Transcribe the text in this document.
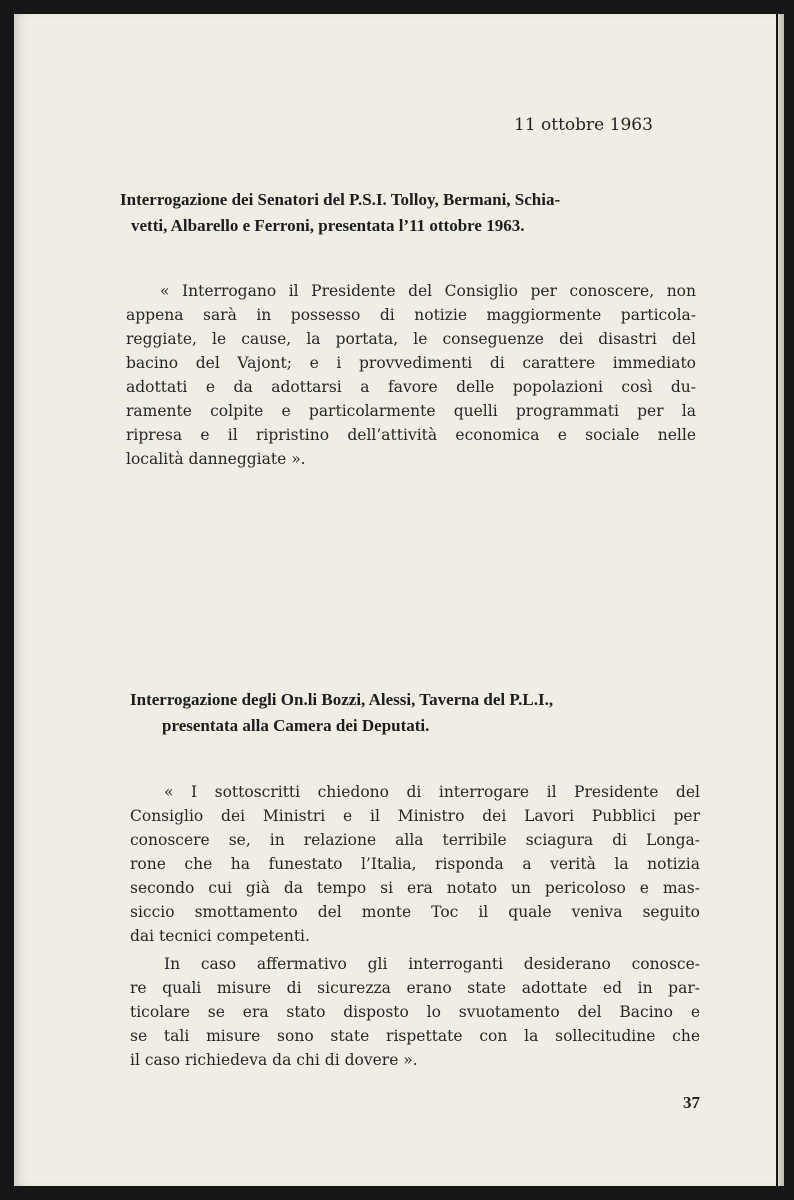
11 ottobre 1963

Interrogazione dei Senatori del P.S.I. Tolloy, Bermani, Schia-
vetti, Albarello e Ferroni, presentata l’11 ottobre 1963.
« Interrogano il Presidente del Consiglio per conoscere, non
appena sarà in possesso di notizie maggiormente particola-
reggiate, le cause, la portata, le conseguenze dei disastri del
bacino del Vajont; e i provvedimenti di carattere immediato
adottati e da adottarsi a favore delle popolazioni così du-
ramente colpite e particolarmente quelli programmati per la
ripresa e il ripristino dell’attività economica e sociale nelle
località danneggiate ».
Interrogazione degli On.li Bozzi, Alessi, Taverna del P.L.I.,
presentata alla Camera dei Deputati.
« I sottoscritti chiedono di interrogare il Presidente del
Consiglio dei Ministri e il Ministro dei Lavori Pubblici per
conoscere se, in relazione alla terribile sciagura di Longa-
rone che ha funestato l’Italia, risponda a verità la notizia
secondo cui già da tempo si era notato un pericoloso e mas-
siccio smottamento del monte Toc il quale veniva seguito
dai tecnici competenti.
In caso affermativo gli interroganti desiderano conosce-
re quali misure di sicurezza erano state adottate ed in par-
ticolare se era stato disposto lo svuotamento del Bacino e
se tali misure sono state rispettate con la sollecitudine che
il caso richiedeva da chi di dovere ».

37
